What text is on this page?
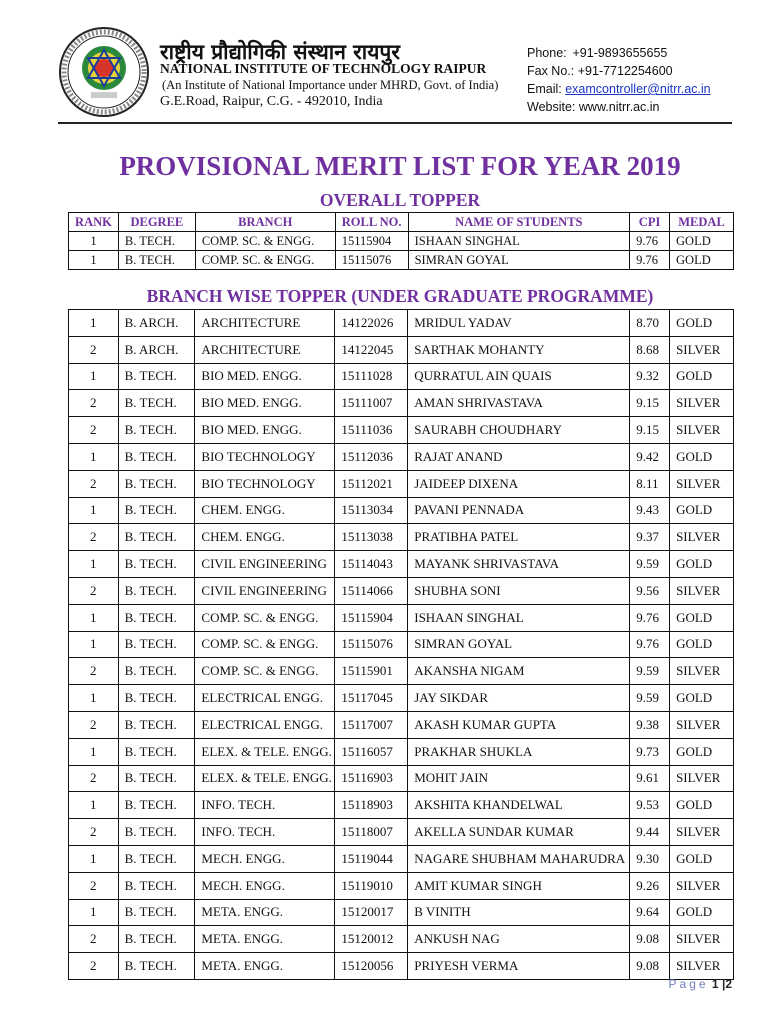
राष्ट्रीय प्रौद्योगिकी संस्थान रायपुर
NATIONAL INSTITUTE OF TECHNOLOGY RAIPUR
(An Institute of National Importance under MHRD, Govt. of India)
G.E.Road, Raipur, C.G. - 492010, India
Phone: +91-9893655655
Fax No.: +91-7712254600
Email: examcontroller@nitrr.ac.in
Website: www.nitrr.ac.in
PROVISIONAL MERIT LIST FOR YEAR 2019
OVERALL TOPPER
RANK	DEGREE	BRANCH	ROLL NO.	NAME OF STUDENTS	CPI	MEDAL
1	B. TECH.	COMP. SC. & ENGG.	15115904	ISHAAN SINGHAL	9.76	GOLD
1	B. TECH.	COMP. SC. & ENGG.	15115076	SIMRAN GOYAL	9.76	GOLD
BRANCH WISE TOPPER (UNDER GRADUATE PROGRAMME)
1	B. ARCH.	ARCHITECTURE	14122026	MRIDUL YADAV	8.70	GOLD
2	B. ARCH.	ARCHITECTURE	14122045	SARTHAK MOHANTY	8.68	SILVER
1	B. TECH.	BIO MED. ENGG.	15111028	QURRATUL AIN QUAIS	9.32	GOLD
2	B. TECH.	BIO MED. ENGG.	15111007	AMAN SHRIVASTAVA	9.15	SILVER
2	B. TECH.	BIO MED. ENGG.	15111036	SAURABH CHOUDHARY	9.15	SILVER
1	B. TECH.	BIO TECHNOLOGY	15112036	RAJAT ANAND	9.42	GOLD
2	B. TECH.	BIO TECHNOLOGY	15112021	JAIDEEP DIXENA	8.11	SILVER
1	B. TECH.	CHEM. ENGG.	15113034	PAVANI PENNADA	9.43	GOLD
2	B. TECH.	CHEM. ENGG.	15113038	PRATIBHA PATEL	9.37	SILVER
1	B. TECH.	CIVIL ENGINEERING	15114043	MAYANK SHRIVASTAVA	9.59	GOLD
2	B. TECH.	CIVIL ENGINEERING	15114066	SHUBHA SONI	9.56	SILVER
1	B. TECH.	COMP. SC. & ENGG.	15115904	ISHAAN SINGHAL	9.76	GOLD
1	B. TECH.	COMP. SC. & ENGG.	15115076	SIMRAN GOYAL	9.76	GOLD
2	B. TECH.	COMP. SC. & ENGG.	15115901	AKANSHA NIGAM	9.59	SILVER
1	B. TECH.	ELECTRICAL ENGG.	15117045	JAY SIKDAR	9.59	GOLD
2	B. TECH.	ELECTRICAL ENGG.	15117007	AKASH KUMAR GUPTA	9.38	SILVER
1	B. TECH.	ELEX. & TELE. ENGG.	15116057	PRAKHAR SHUKLA	9.73	GOLD
2	B. TECH.	ELEX. & TELE. ENGG.	15116903	MOHIT JAIN	9.61	SILVER
1	B. TECH.	INFO. TECH.	15118903	AKSHITA KHANDELWAL	9.53	GOLD
2	B. TECH.	INFO. TECH.	15118007	AKELLA SUNDAR KUMAR	9.44	SILVER
1	B. TECH.	MECH. ENGG.	15119044	NAGARE SHUBHAM MAHARUDRA	9.30	GOLD
2	B. TECH.	MECH. ENGG.	15119010	AMIT KUMAR SINGH	9.26	SILVER
1	B. TECH.	META. ENGG.	15120017	B VINITH	9.64	GOLD
2	B. TECH.	META. ENGG.	15120012	ANKUSH NAG	9.08	SILVER
2	B. TECH.	META. ENGG.	15120056	PRIYESH VERMA	9.08	SILVER
Page 1 |2
